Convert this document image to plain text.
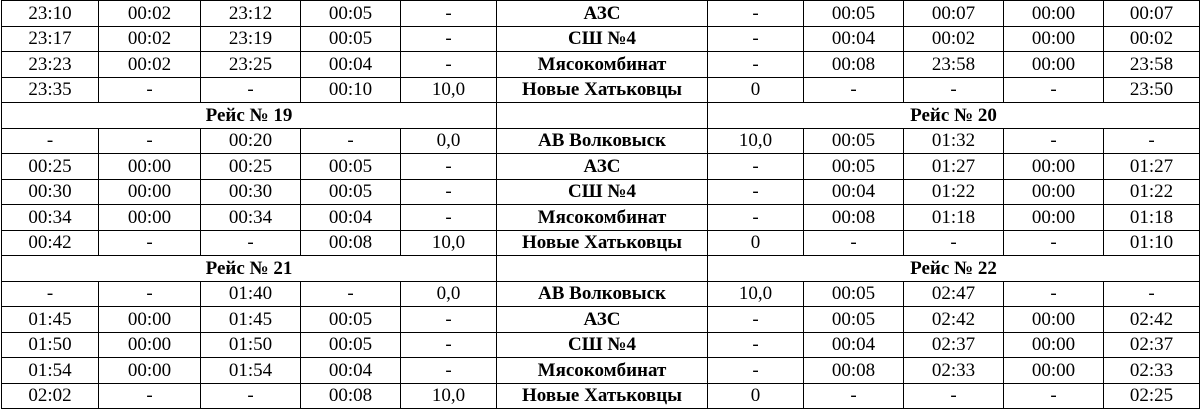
23:10	00:02	23:12	00:05	-	АЗС	-	00:05	00:07	00:00	00:07
23:17	00:02	23:19	00:05	-	СШ №4	-	00:04	00:02	00:00	00:02
23:23	00:02	23:25	00:04	-	Мясокомбинат	-	00:08	23:58	00:00	23:58
23:35	-	-	00:10	10,0	Новые Хатьковцы	0	-	-	-	23:50
Рейс № 19						Рейс № 20				
-	-	00:20	-	0,0	АВ Волковыск	10,0	00:05	01:32	-	-
00:25	00:00	00:25	00:05	-	АЗС	-	00:05	01:27	00:00	01:27
00:30	00:00	00:30	00:05	-	СШ №4	-	00:04	01:22	00:00	01:22
00:34	00:00	00:34	00:04	-	Мясокомбинат	-	00:08	01:18	00:00	01:18
00:42	-	-	00:08	10,0	Новые Хатьковцы	0	-	-	-	01:10
Рейс № 21						Рейс № 22				
-	-	01:40	-	0,0	АВ Волковыск	10,0	00:05	02:47	-	-
01:45	00:00	01:45	00:05	-	АЗС	-	00:05	02:42	00:00	02:42
01:50	00:00	01:50	00:05	-	СШ №4	-	00:04	02:37	00:00	02:37
01:54	00:00	01:54	00:04	-	Мясокомбинат	-	00:08	02:33	00:00	02:33
02:02	-	-	00:08	10,0	Новые Хатьковцы	0	-	-	-	02:25
